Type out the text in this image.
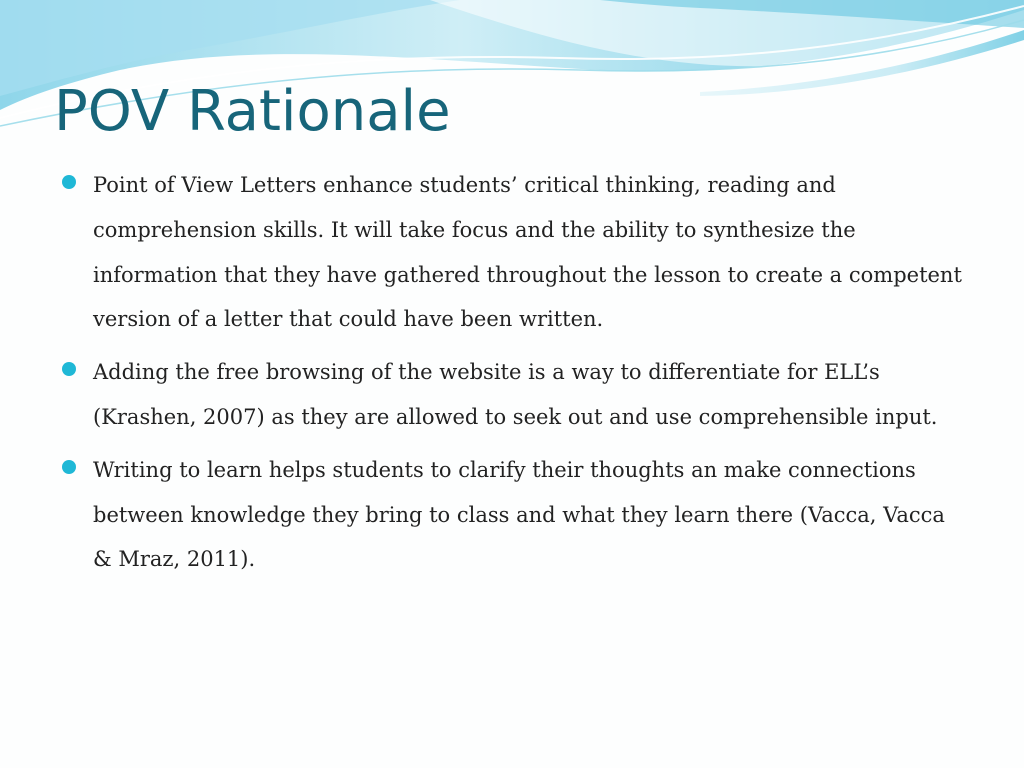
POV Rationale
Point of View Letters enhance students’ critical thinking, reading and comprehension skills. It will take focus and the ability to synthesize the information that they have gathered throughout the lesson to create a competent version of a letter that could have been written.
Adding the free browsing of the website is a way to differentiate for ELL’s (Krashen, 2007) as they are allowed to seek out and use comprehensible input.
Writing to learn helps students to clarify their thoughts an make connections between knowledge they bring to class and what they learn there (Vacca, Vacca & Mraz, 2011).
